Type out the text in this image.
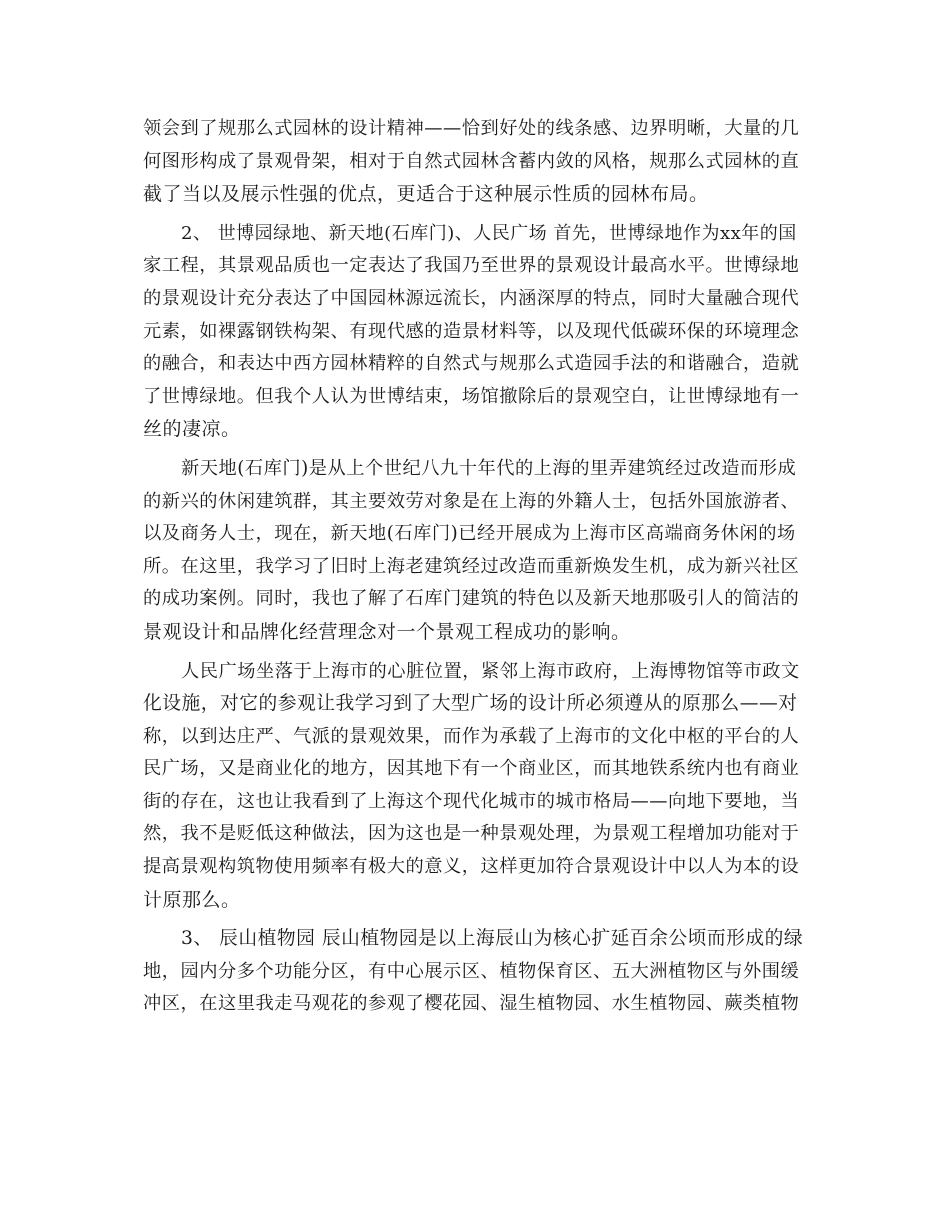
领会到了规那么式园林的设计精神——恰到好处的线条感、边界明晰，大量的几
何图形构成了景观骨架，相对于自然式园林含蓄内敛的风格，规那么式园林的直
截了当以及展示性强的优点，更适合于这种展示性质的园林布局。

2、 世博园绿地、新天地(石库门)、人民广场 首先，世博绿地作为xx年的国
家工程，其景观品质也一定表达了我国乃至世界的景观设计最高水平。世博绿地
的景观设计充分表达了中国园林源远流长，内涵深厚的特点，同时大量融合现代
元素，如裸露钢铁构架、有现代感的造景材料等，以及现代低碳环保的环境理念
的融合，和表达中西方园林精粹的自然式与规那么式造园手法的和谐融合，造就
了世博绿地。但我个人认为世博结束，场馆撤除后的景观空白，让世博绿地有一
丝的凄凉。

新天地(石库门)是从上个世纪八九十年代的上海的里弄建筑经过改造而形成
的新兴的休闲建筑群，其主要效劳对象是在上海的外籍人士，包括外国旅游者、
以及商务人士，现在，新天地(石库门)已经开展成为上海市区高端商务休闲的场
所。在这里，我学习了旧时上海老建筑经过改造而重新焕发生机，成为新兴社区
的成功案例。同时，我也了解了石库门建筑的特色以及新天地那吸引人的简洁的
景观设计和品牌化经营理念对一个景观工程成功的影响。

人民广场坐落于上海市的心脏位置，紧邻上海市政府，上海博物馆等市政文
化设施，对它的参观让我学习到了大型广场的设计所必须遵从的原那么——对
称，以到达庄严、气派的景观效果，而作为承载了上海市的文化中枢的平台的人
民广场，又是商业化的地方，因其地下有一个商业区，而其地铁系统内也有商业
街的存在，这也让我看到了上海这个现代化城市的城市格局——向地下要地，当
然，我不是贬低这种做法，因为这也是一种景观处理，为景观工程增加功能对于
提高景观构筑物使用频率有极大的意义，这样更加符合景观设计中以人为本的设
计原那么。

3、 辰山植物园 辰山植物园是以上海辰山为核心扩延百余公顷而形成的绿
地，园内分多个功能分区，有中心展示区、植物保育区、五大洲植物区与外围缓
冲区，在这里我走马观花的参观了樱花园、湿生植物园、水生植物园、蕨类植物
